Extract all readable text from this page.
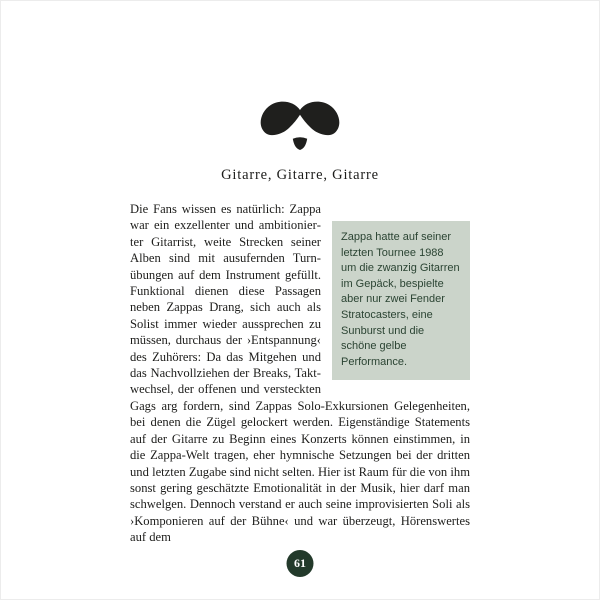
Gitarre, Gitarre, Gitarre
Zappa hatte auf seiner letzten Tournee 1988 um die zwanzig Gitarren im Gepäck, bespielte aber nur zwei Fender Stratocasters, eine Sunburst und die schöne gelbe Performance.
Die Fans wissen es natürlich: Zappa war ein exzellenter und ambitionierter Gitarrist, weite Strecken seiner Alben sind mit ausufernden Turnübungen auf dem Instrument gefüllt. Funktional dienen diese Passagen neben Zappas Drang, sich auch als Solist immer wieder aussprechen zu müssen, durchaus der ›Entspannung‹ des Zuhörers: Da das Mitgehen und das Nachvollziehen der Breaks, Taktwechsel, der offenen und versteckten Gags arg fordern, sind Zappas Solo-Exkursionen Gelegenheiten, bei denen die Zügel gelockert werden. Eigenständige Statements auf der Gitarre zu Beginn eines Konzerts können einstimmen, in die Zappa-Welt tragen, eher hymnische Setzungen bei der dritten und letzten Zugabe sind nicht selten. Hier ist Raum für die von ihm sonst gering geschätzte Emotionalität in der Musik, hier darf man schwelgen. Dennoch verstand er auch seine improvisierten Soli als ›Komponieren auf der Bühne‹ und war überzeugt, Hörenswertes auf dem
61
